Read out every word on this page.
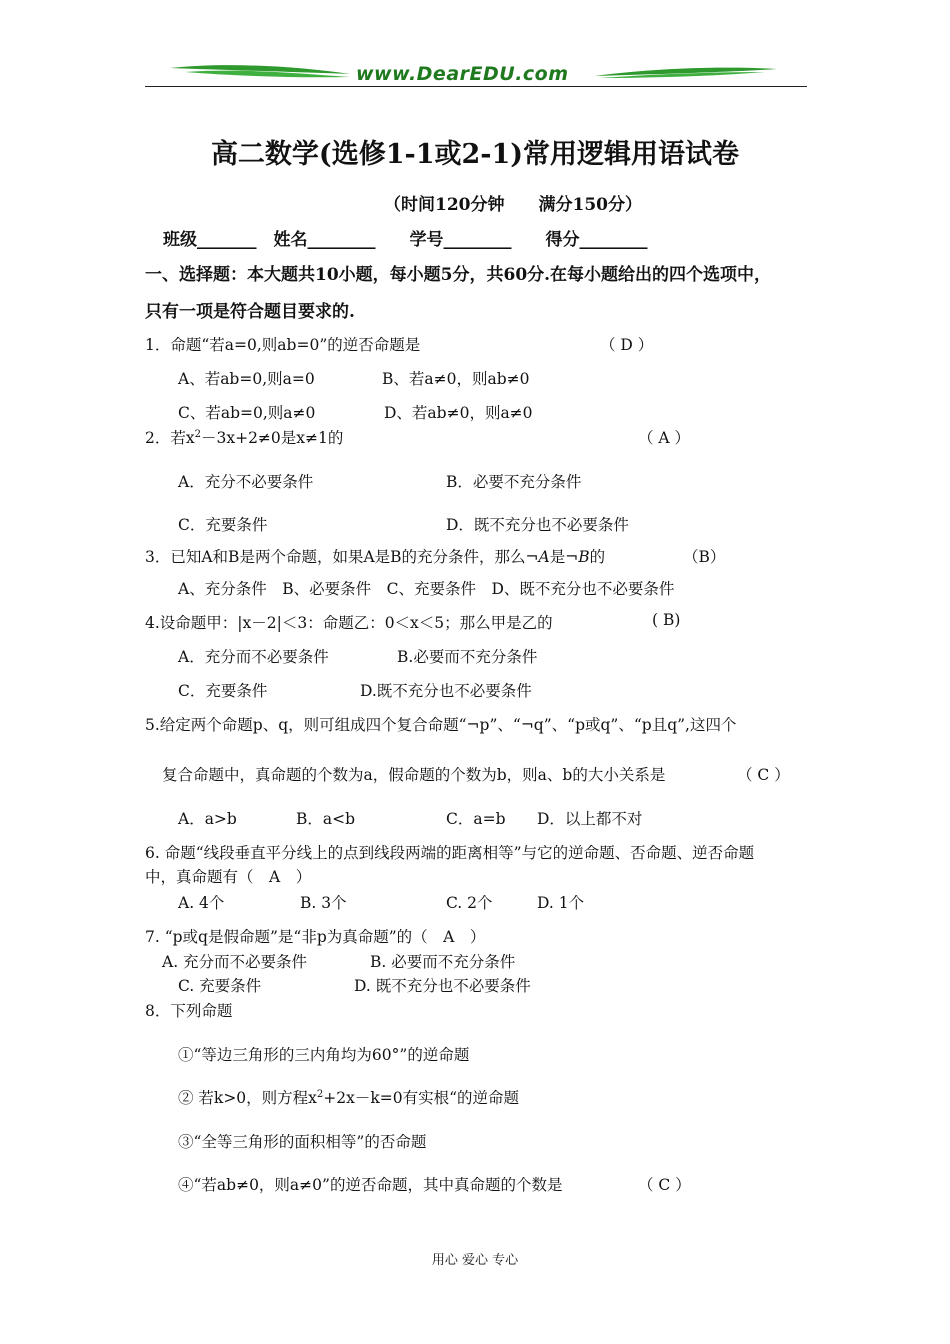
www.DearEDU.com
高二数学(选修1-1或2-1)常用逻辑用语试卷
（时间120分钟　　满分150分）
班级_______　姓名________　　学号________　　得分________
一、选择题：本大题共10小题，每小题5分，共60分.在每小题给出的四个选项中，
只有一项是符合题目要求的.
1．命题“若a=0,则ab=0”的逆否命题是	（ D ）
A、若ab=0,则a=0	B、若a≠0，则ab≠0
C、若ab=0,则a≠0	D、若ab≠0，则a≠0
2．若$x^2-3x+2\ne 0$是x≠1的	（ A ）
A．充分不必要条件	B．必要不充分条件
C．充要条件	D．既不充分也不必要条件
3．已知A和B是两个命题，如果A是B的充分条件，那么¬A是¬B的	（B）
A、充分条件　B、必要条件　C、充要条件　D、既不充分也不必要条件
4.设命题甲：|x－2|＜3：命题乙：0＜x＜5；那么甲是乙的	( B)
A．充分而不必要条件	B.必要而不充分条件
C．充要条件	D.既不充分也不必要条件
5.给定两个命题p、q，则可组成四个复合命题“¬p”、“¬q”、“p或q”、“p且q”,这四个
复合命题中，真命题的个数为a，假命题的个数为b，则a、b的大小关系是	（ C ）
A．a>b	B．a<b	C．a=b D．以上都不对
6. 命题“线段垂直平分线上的点到线段两端的距离相等”与它的逆命题、否命题、逆否命题
中，真命题有（　A　）
A. 4个	B. 3个	C. 2个	D. 1个
7. “p或q是假命题”是“非p为真命题”的（　A　）
A. 充分而不必要条件	B. 必要而不充分条件
C. 充要条件	D. 既不充分也不必要条件
8．下列命题
①“等边三角形的三内角均为60°”的逆命题
② 若k>0，则方程$x^2+2x-k=0$有实根“的逆命题
③“全等三角形的面积相等”的否命题
④“若ab≠0，则a≠0”的逆否命题，其中真命题的个数是	（ C ）
用心 爱心 专心
